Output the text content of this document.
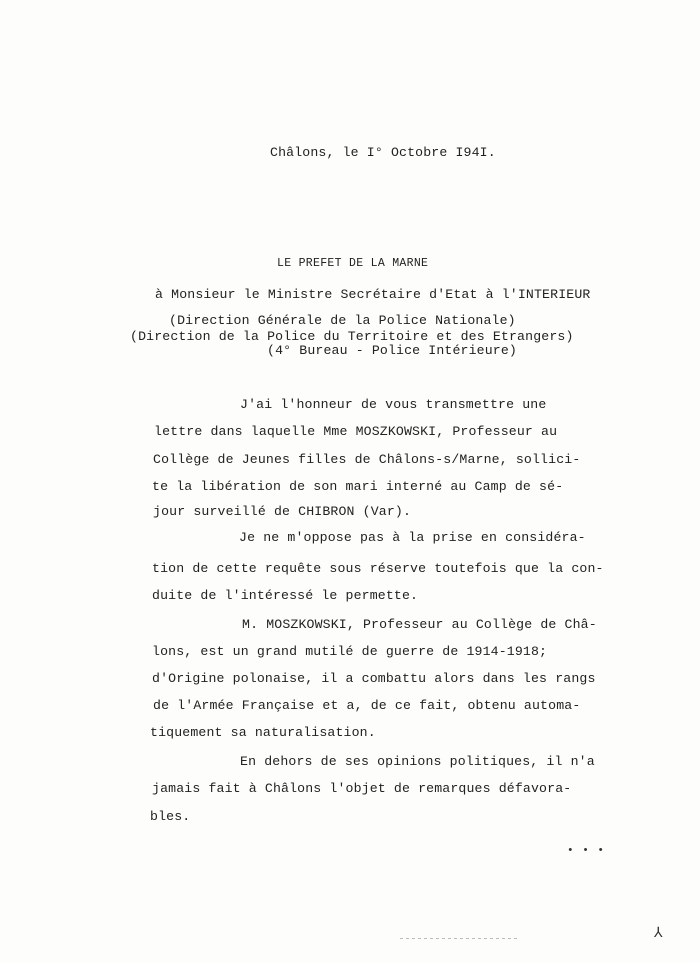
Châlons, le I° Octobre I94I.
LE PREFET DE LA MARNE
à Monsieur le Ministre Secrétaire d'Etat à l'INTERIEUR
(Direction Générale de la Police Nationale)
(Direction de la Police du Territoire et des Etrangers)
(4° Bureau - Police Intérieure)
J'ai l'honneur de vous transmettre une
lettre dans laquelle Mme MOSZKOWSKI, Professeur au
Collège de Jeunes filles de Châlons-s/Marne, sollici-
te la libération de son mari interné au Camp de sé-
jour surveillé de CHIBRON (Var).
Je ne m'oppose pas à la prise en considéra-
tion de cette requête sous réserve toutefois que la con-
duite de l'intéressé le permette.
M. MOSZKOWSKI, Professeur au Collège de Châ-
lons, est un grand mutilé de guerre de 1914-1918;
d'Origine polonaise, il a combattu alors dans les rangs
de l'Armée Française et a, de ce fait, obtenu automa-
tiquement sa naturalisation.
En dehors de ses opinions politiques, il n'a
jamais fait à Châlons l'objet de remarques défavora-
bles.
• • •
⅄
